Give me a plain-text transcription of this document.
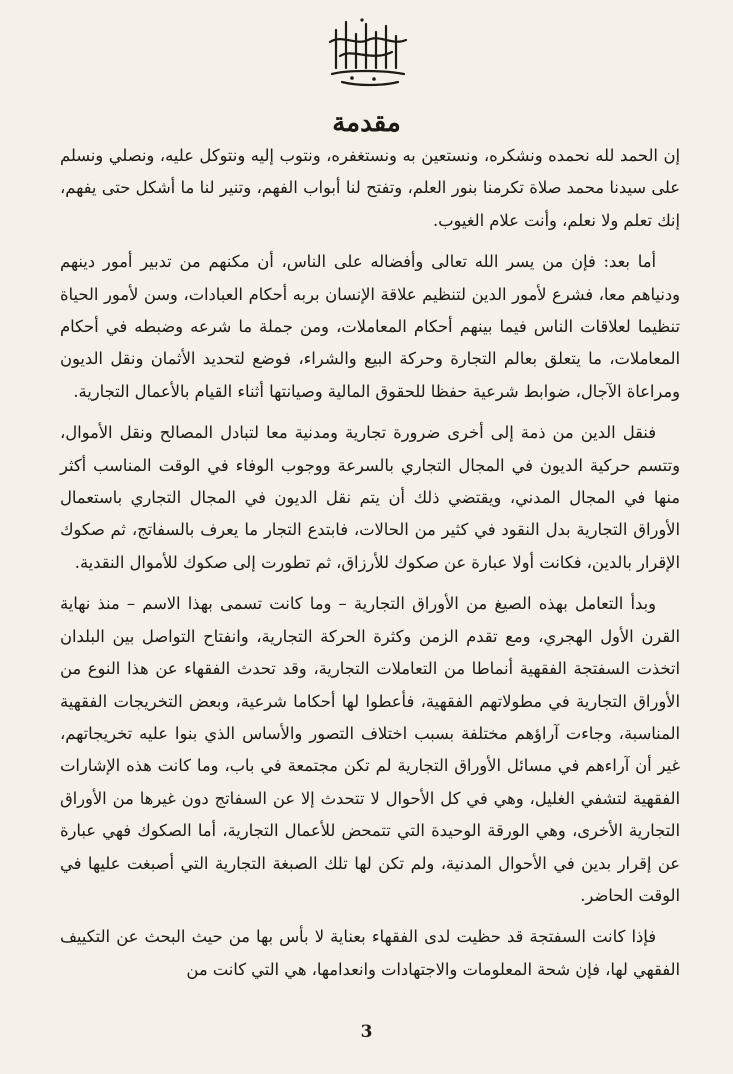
مقدمة

إن الحمد لله نحمده ونشكره، ونستعين به ونستغفره، ونتوب إليه ونتوكل عليه، ونصلي ونسلم على سيدنا محمد صلاة تكرمنا بنور العلم، وتفتح لنا أبواب الفهم، وتنير لنا ما أشكل حتى يفهم، إنك تعلم ولا نعلم، وأنت علام الغيوب.

أما بعد: فإن من يسر الله تعالى وأفضاله على الناس، أن مكنهم من تدبير أمور دينهم ودنياهم معا، فشرع لأمور الدين لتنظيم علاقة الإنسان بربه أحكام العبادات، وسن لأمور الحياة تنظيما لعلاقات الناس فيما بينهم أحكام المعاملات، ومن جملة ما شرعه وضبطه في أحكام المعاملات، ما يتعلق بعالم التجارة وحركة البيع والشراء، فوضع لتحديد الأثمان ونقل الديون ومراعاة الآجال، ضوابط شرعية حفظا للحقوق المالية وصيانتها أثناء القيام بالأعمال التجارية.

فنقل الدين من ذمة إلى أخرى ضرورة تجارية ومدنية معا لتبادل المصالح ونقل الأموال، وتتسم حركية الديون في المجال التجاري بالسرعة ووجوب الوفاء في الوقت المناسب أكثر منها في المجال المدني، ويقتضي ذلك أن يتم نقل الديون في المجال التجاري باستعمال الأوراق التجارية بدل النقود في كثير من الحالات، فابتدع التجار ما يعرف بالسفاتج، ثم صكوك الإقرار بالدين، فكانت أولا عبارة عن صكوك للأرزاق، ثم تطورت إلى صكوك للأموال النقدية.

وبدأ التعامل بهذه الصيغ من الأوراق التجارية – وما كانت تسمى بهذا الاسم – منذ نهاية القرن الأول الهجري، ومع تقدم الزمن وكثرة الحركة التجارية، وانفتاح التواصل بين البلدان اتخذت السفتجة الفقهية أنماطا من التعاملات التجارية، وقد تحدث الفقهاء عن هذا النوع من الأوراق التجارية في مطولاتهم الفقهية، فأعطوا لها أحكاما شرعية، وبعض التخريجات الفقهية المناسبة، وجاءت آراؤهم مختلفة بسبب اختلاف التصور والأساس الذي بنوا عليه تخريجاتهم، غير أن آراءهم في مسائل الأوراق التجارية لم تكن مجتمعة في باب، وما كانت هذه الإشارات الفقهية لتشفي الغليل، وهي في كل الأحوال لا تتحدث إلا عن السفاتج دون غيرها من الأوراق التجارية الأخرى، وهي الورقة الوحيدة التي تتمحض للأعمال التجارية، أما الصكوك فهي عبارة عن إقرار بدين في الأحوال المدنية، ولم تكن لها تلك الصبغة التجارية التي أصبغت عليها في الوقت الحاضر.

فإذا كانت السفتجة قد حظيت لدى الفقهاء بعناية لا بأس بها من حيث البحث عن التكييف الفقهي لها، فإن شحة المعلومات والاجتهادات وانعدامها، هي التي كانت من

3
